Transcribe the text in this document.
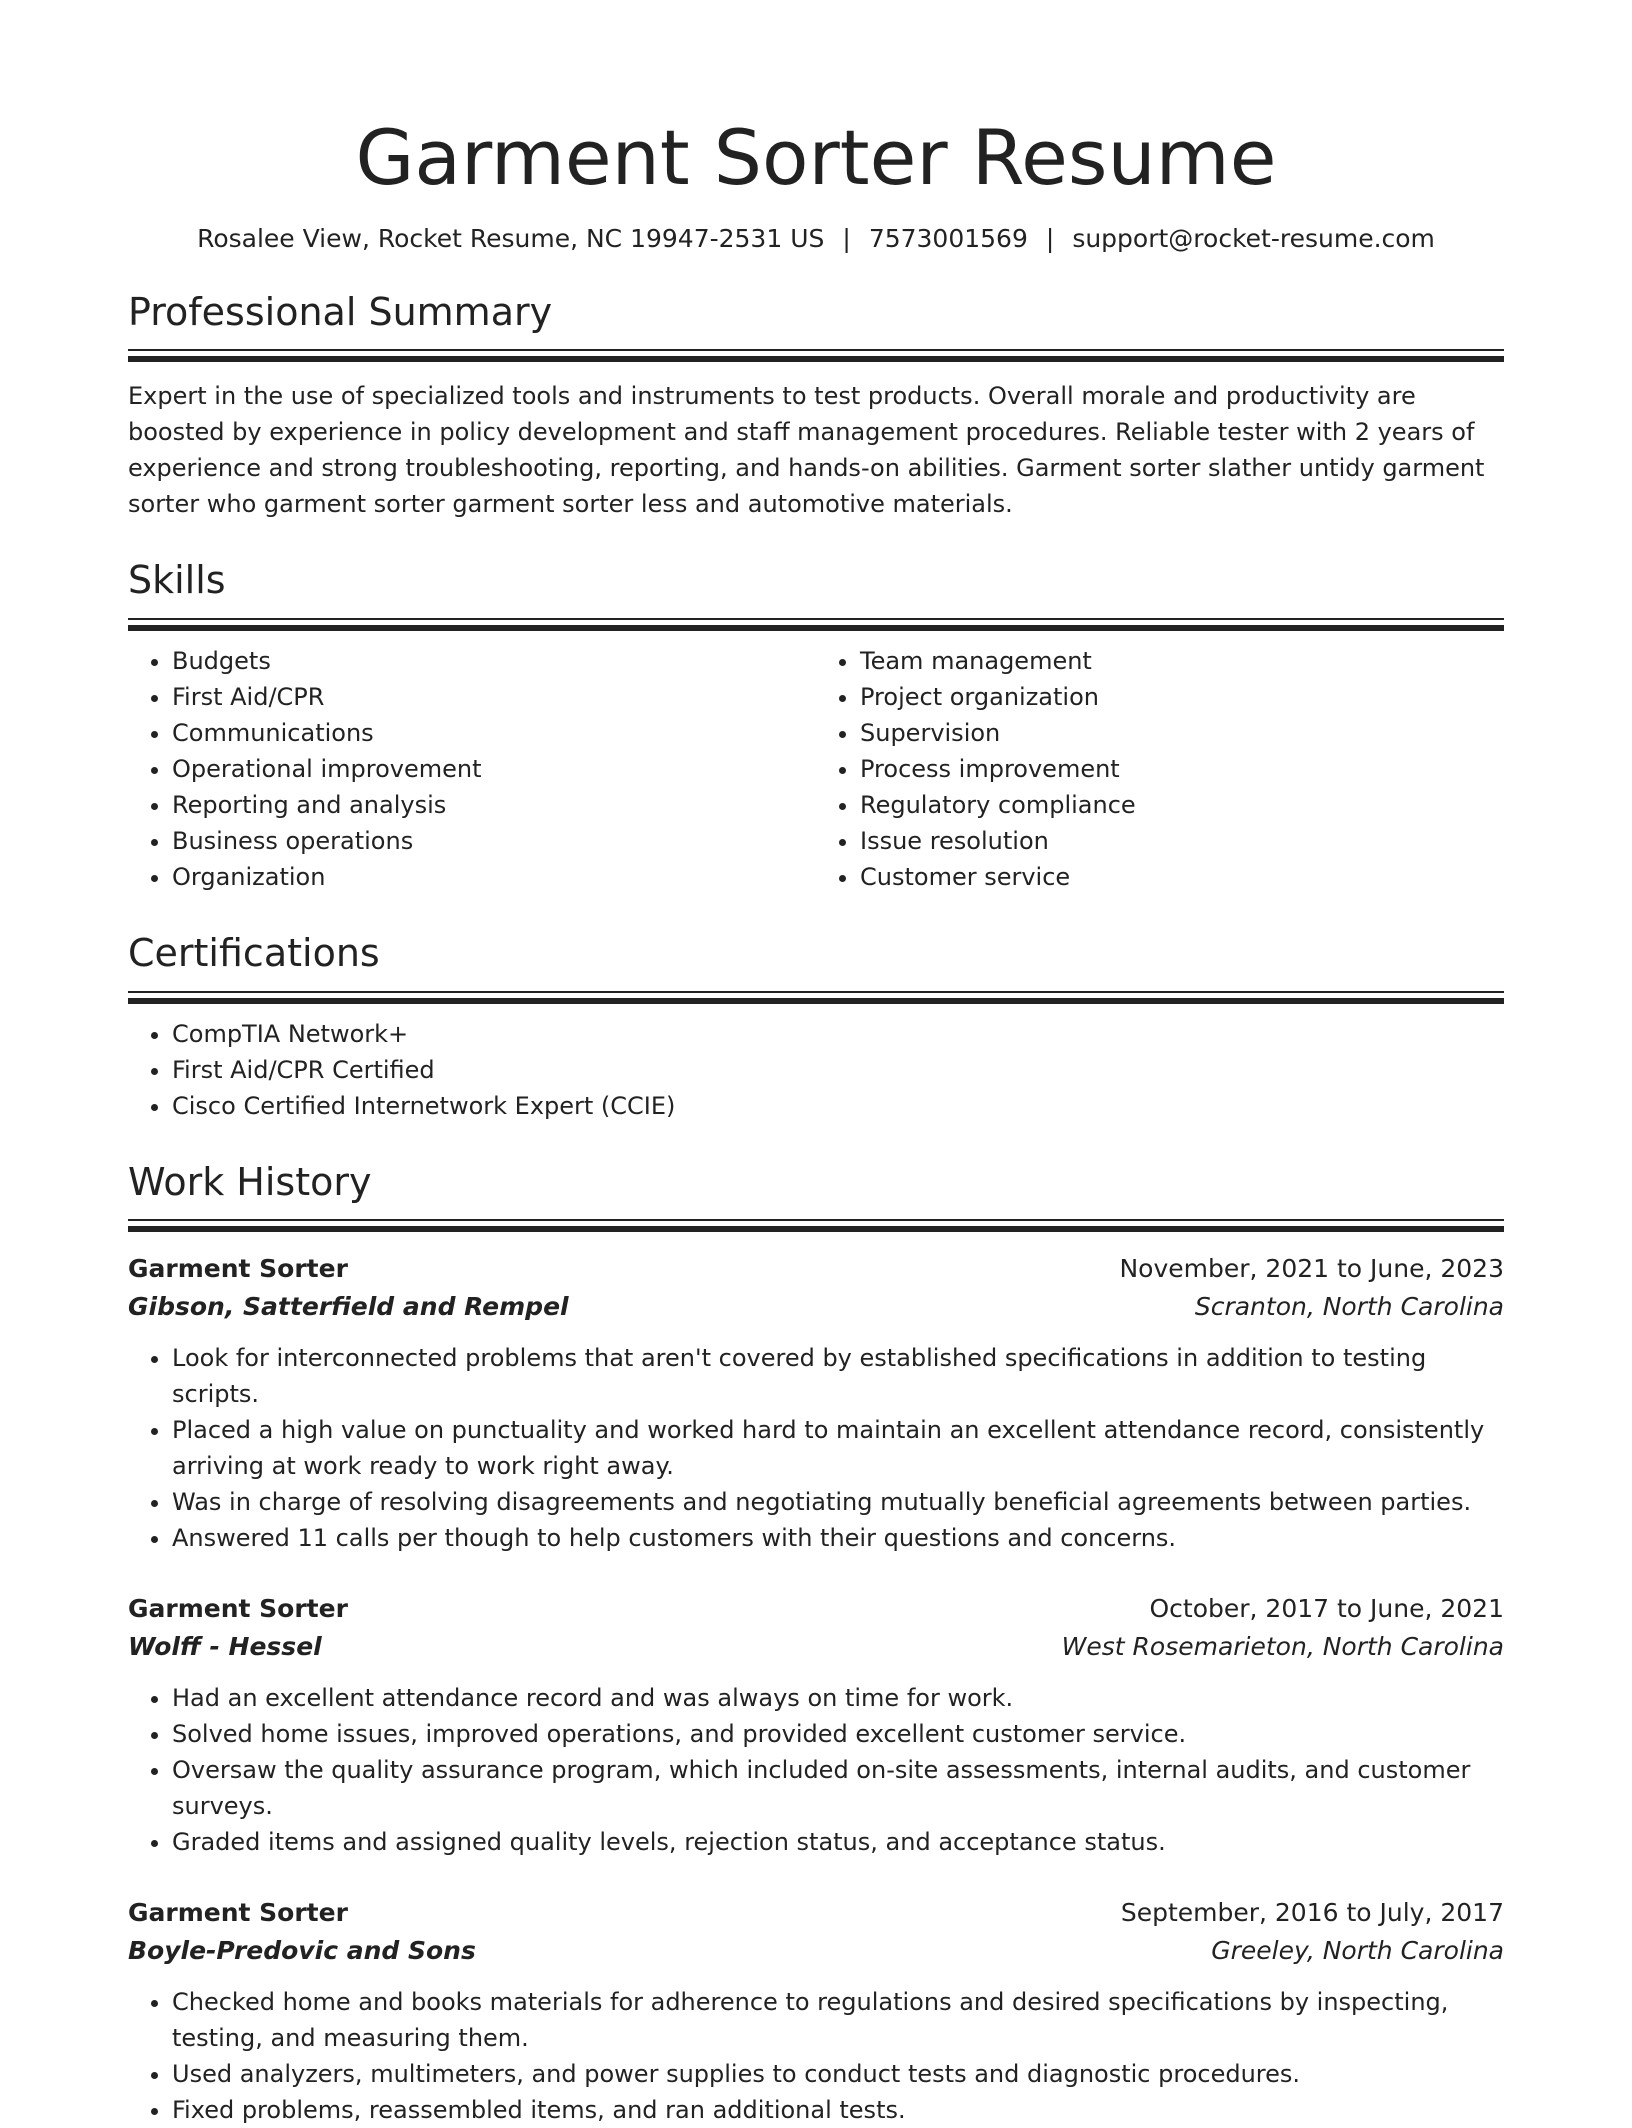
Garment Sorter Resume
Rosalee View, Rocket Resume, NC 19947-2531 US | 7573001569 | support@rocket-resume.com
Professional Summary
Expert in the use of specialized tools and instruments to test products. Overall morale and productivity are boosted by experience in policy development and staff management procedures. Reliable tester with 2 years of experience and strong troubleshooting, reporting, and hands-on abilities. Garment sorter slather untidy garment sorter who garment sorter garment sorter less and automotive materials.
Skills
• Budgets
• First Aid/CPR
• Communications
• Operational improvement
• Reporting and analysis
• Business operations
• Organization
• Team management
• Project organization
• Supervision
• Process improvement
• Regulatory compliance
• Issue resolution
• Customer service
Certifications
• CompTIA Network+
• First Aid/CPR Certified
• Cisco Certified Internetwork Expert (CCIE)
Work History
Garment Sorter	November, 2021 to June, 2023
Gibson, Satterfield and Rempel	Scranton, North Carolina
• Look for interconnected problems that aren't covered by established specifications in addition to testing scripts.
• Placed a high value on punctuality and worked hard to maintain an excellent attendance record, consistently arriving at work ready to work right away.
• Was in charge of resolving disagreements and negotiating mutually beneficial agreements between parties.
• Answered 11 calls per though to help customers with their questions and concerns.
Garment Sorter	October, 2017 to June, 2021
Wolff - Hessel	West Rosemarieton, North Carolina
• Had an excellent attendance record and was always on time for work.
• Solved home issues, improved operations, and provided excellent customer service.
• Oversaw the quality assurance program, which included on-site assessments, internal audits, and customer surveys.
• Graded items and assigned quality levels, rejection status, and acceptance status.
Garment Sorter	September, 2016 to July, 2017
Boyle-Predovic and Sons	Greeley, North Carolina
• Checked home and books materials for adherence to regulations and desired specifications by inspecting, testing, and measuring them.
• Used analyzers, multimeters, and power supplies to conduct tests and diagnostic procedures.
• Fixed problems, reassembled items, and ran additional tests.
